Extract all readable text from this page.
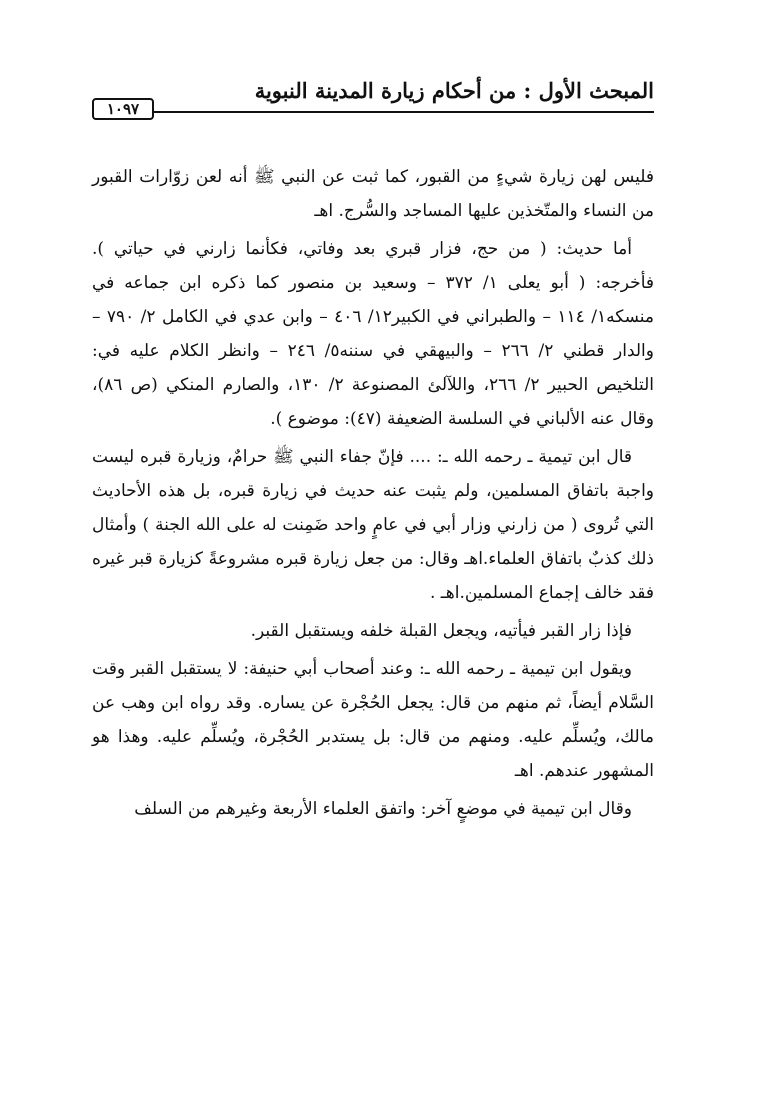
المبحث الأول : من أحكام زيارة المدينة النبوية
١٠٩٧

فليس لهن زيارة شيءٍ من القبور، كما ثبت عن النبي ﷺ أنه لعن زوّارات القبور من النساء والمتّخذين عليها المساجد والسُّرج. اهـ

أما حديث: ( من حج، فزار قبري بعد وفاتي، فكأنما زارني في حياتي ). فأخرجه: ( أبو يعلى ١/ ٣٧٢ – وسعيد بن منصور كما ذكره ابن جماعه في منسكه١/ ١١٤ – والطبراني في الكبير١٢/ ٤٠٦ – وابن عدي في الكامل ٢/ ٧٩٠ – والدار قطني ٢/ ٢٦٦ – والبيهقي في سننه٥/ ٢٤٦ – وانظر الكلام عليه في: التلخيص الحبير ٢/ ٢٦٦، واللآلئ المصنوعة ٢/ ١٣٠، والصارم المنكي (ص ٨٦)، وقال عنه الألباني في السلسة الضعيفة (٤٧): موضوع ).

قال ابن تيمية ـ رحمه الله ـ: .... فإنّ جفاء النبي ﷺ حرامٌ، وزيارة قبره ليست واجبة باتفاق المسلمين، ولم يثبت عنه حديث في زيارة قبره، بل هذه الأحاديث التي تُروى ( من زارني وزار أبي في عامٍ واحد ضَمِنت له على الله الجنة ) وأمثال ذلك كذبٌ باتفاق العلماء.اهـ وقال: من جعل زيارة قبره مشروعةً كزيارة قبر غيره فقد خالف إجماع المسلمين.اهـ .

فإذا زار القبر فيأتيه، ويجعل القبلة خلفه ويستقبل القبر.

ويقول ابن تيمية ـ رحمه الله ـ: وعند أصحاب أبي حنيفة: لا يستقبل القبر وقت السَّلام أيضاً، ثم منهم من قال: يجعل الحُجْرة عن يساره. وقد رواه ابن وهب عن مالك، ويُسلِّم عليه. ومنهم من قال: بل يستدبر الحُجْرة، ويُسلِّم عليه. وهذا هو المشهور عندهم. اهـ

وقال ابن تيمية في موضعٍ آخر: واتفق العلماء الأربعة وغيرهم من السلف
